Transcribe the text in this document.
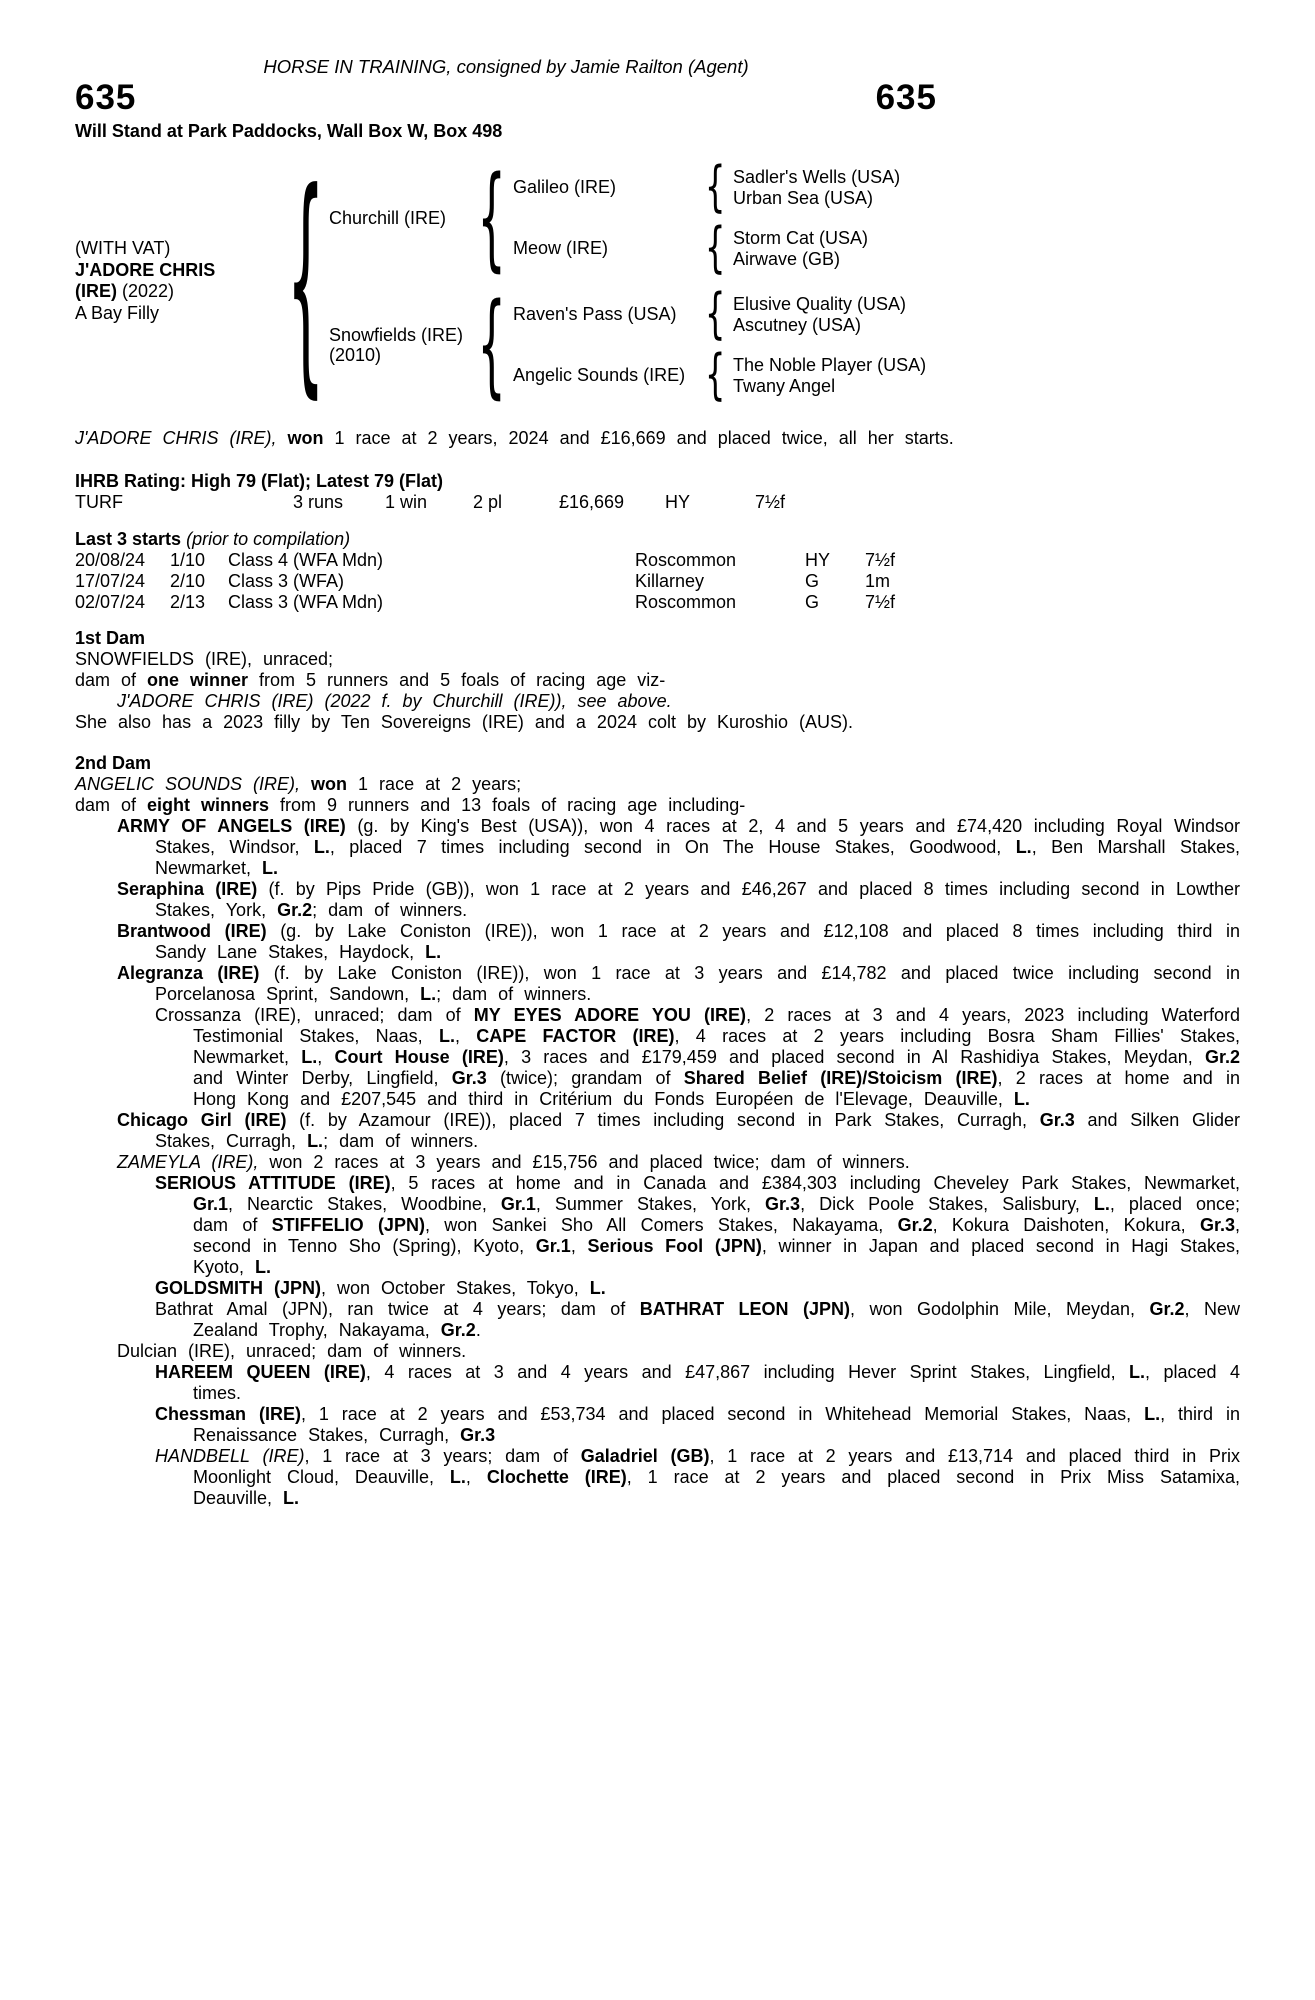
HORSE IN TRAINING, consigned by Jamie Railton (Agent)
635	635
Will Stand at Park Paddocks, Wall Box W, Box 498
(WITH VAT)
J'ADORE CHRIS
(IRE) (2022)
A Bay Filly
{
Churchill (IRE)
{
Galileo (IRE)
{
Sadler's Wells (USA)
Urban Sea (USA)
Meow (IRE)
{
Storm Cat (USA)
Airwave (GB)
Snowfields (IRE)
(2010)
{
Raven's Pass (USA)
{
Elusive Quality (USA)
Ascutney (USA)
Angelic Sounds (IRE)
{
The Noble Player (USA)
Twany Angel

J'ADORE CHRIS (IRE), won 1 race at 2 years, 2024 and £16,669 and placed twice, all her starts.

IHRB Rating: High 79 (Flat); Latest 79 (Flat)
TURF	3 runs	1 win	2 pl	£16,669	HY	7½f
Last 3 starts (prior to compilation)
20/08/24	1/10	Class 4 (WFA Mdn)	Roscommon	HY	7½f
17/07/24	2/10	Class 3 (WFA)	Killarney	G	1m
02/07/24	2/13	Class 3 (WFA Mdn)	Roscommon	G	7½f
1st Dam

SNOWFIELDS (IRE), unraced;

dam of one winner from 5 runners and 5 foals of racing age viz-

J'ADORE CHRIS (IRE) (2022 f. by Churchill (IRE)), see above.

She also has a 2023 filly by Ten Sovereigns (IRE) and a 2024 colt by Kuroshio (AUS).

2nd Dam

ANGELIC SOUNDS (IRE), won 1 race at 2 years;

dam of eight winners from 9 runners and 13 foals of racing age including-

ARMY OF ANGELS (IRE) (g. by King's Best (USA)), won 4 races at 2, 4 and 5 years and £74,420 including Royal Windsor Stakes, Windsor, L., placed 7 times including second in On The House Stakes, Goodwood, L., Ben Marshall Stakes, Newmarket, L.

Seraphina (IRE) (f. by Pips Pride (GB)), won 1 race at 2 years and £46,267 and placed 8 times including second in Lowther Stakes, York, Gr.2; dam of winners.

Brantwood (IRE) (g. by Lake Coniston (IRE)), won 1 race at 2 years and £12,108 and placed 8 times including third in Sandy Lane Stakes, Haydock, L.

Alegranza (IRE) (f. by Lake Coniston (IRE)), won 1 race at 3 years and £14,782 and placed twice including second in Porcelanosa Sprint, Sandown, L.; dam of winners.

Crossanza (IRE), unraced; dam of MY EYES ADORE YOU (IRE), 2 races at 3 and 4 years, 2023 including Waterford Testimonial Stakes, Naas, L., CAPE FACTOR (IRE), 4 races at 2 years including Bosra Sham Fillies' Stakes, Newmarket, L., Court House (IRE), 3 races and £179,459 and placed second in Al Rashidiya Stakes, Meydan, Gr.2 and Winter Derby, Lingfield, Gr.3 (twice); grandam of Shared Belief (IRE)/Stoicism (IRE), 2 races at home and in Hong Kong and £207,545 and third in Critérium du Fonds Européen de l'Elevage, Deauville, L.

Chicago Girl (IRE) (f. by Azamour (IRE)), placed 7 times including second in Park Stakes, Curragh, Gr.3 and Silken Glider Stakes, Curragh, L.; dam of winners.

ZAMEYLA (IRE), won 2 races at 3 years and £15,756 and placed twice; dam of winners.

SERIOUS ATTITUDE (IRE), 5 races at home and in Canada and £384,303 including Cheveley Park Stakes, Newmarket, Gr.1, Nearctic Stakes, Woodbine, Gr.1, Summer Stakes, York, Gr.3, Dick Poole Stakes, Salisbury, L., placed once; dam of STIFFELIO (JPN), won Sankei Sho All Comers Stakes, Nakayama, Gr.2, Kokura Daishoten, Kokura, Gr.3, second in Tenno Sho (Spring), Kyoto, Gr.1, Serious Fool (JPN), winner in Japan and placed second in Hagi Stakes, Kyoto, L.

GOLDSMITH (JPN), won October Stakes, Tokyo, L.

Bathrat Amal (JPN), ran twice at 4 years; dam of BATHRAT LEON (JPN), won Godolphin Mile, Meydan, Gr.2, New Zealand Trophy, Nakayama, Gr.2.

Dulcian (IRE), unraced; dam of winners.

HAREEM QUEEN (IRE), 4 races at 3 and 4 years and £47,867 including Hever Sprint Stakes, Lingfield, L., placed 4 times.

Chessman (IRE), 1 race at 2 years and £53,734 and placed second in Whitehead Memorial Stakes, Naas, L., third in Renaissance Stakes, Curragh, Gr.3

HANDBELL (IRE), 1 race at 3 years; dam of Galadriel (GB), 1 race at 2 years and £13,714 and placed third in Prix Moonlight Cloud, Deauville, L., Clochette (IRE), 1 race at 2 years and placed second in Prix Miss Satamixa, Deauville, L.
